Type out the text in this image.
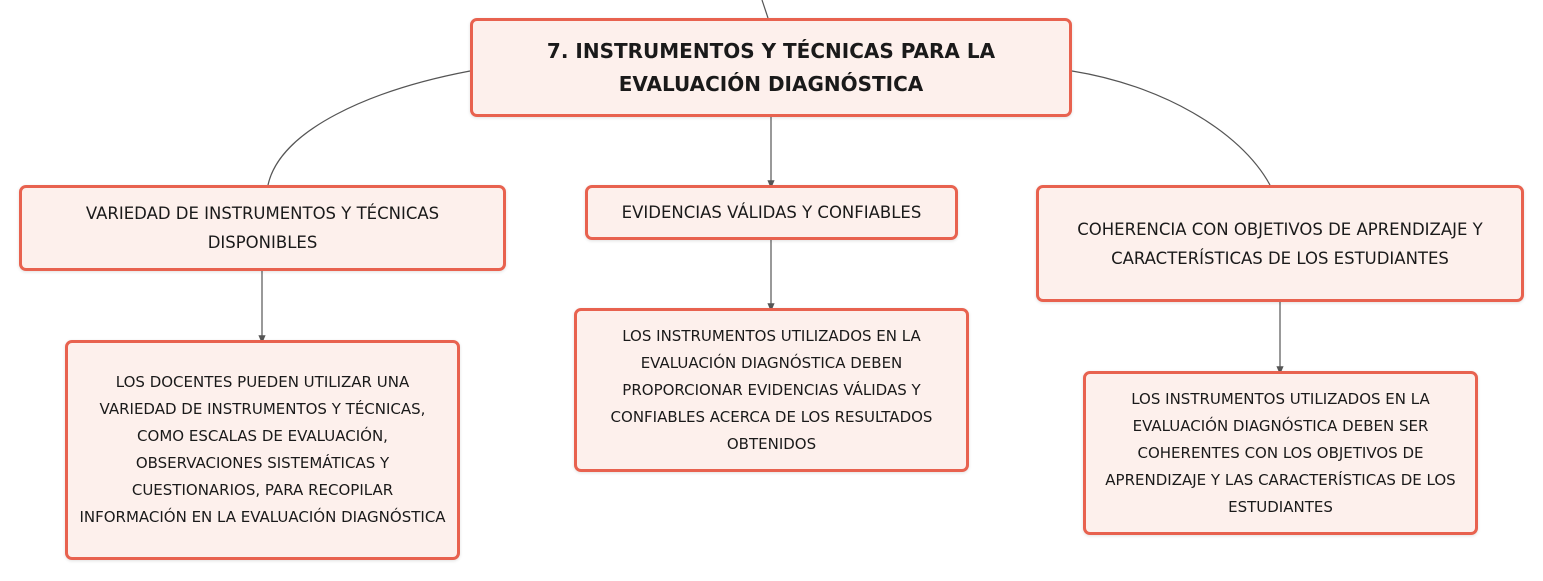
7. INSTRUMENTOS Y TÉCNICAS PARA LA EVALUACIÓN DIAGNÓSTICA
VARIEDAD DE INSTRUMENTOS Y TÉCNICAS DISPONIBLES
EVIDENCIAS VÁLIDAS Y CONFIABLES
COHERENCIA CON OBJETIVOS DE APRENDIZAJE Y CARACTERÍSTICAS DE LOS ESTUDIANTES
LOS DOCENTES PUEDEN UTILIZAR UNA VARIEDAD DE INSTRUMENTOS Y TÉCNICAS, COMO ESCALAS DE EVALUACIÓN, OBSERVACIONES SISTEMÁTICAS Y CUESTIONARIOS, PARA RECOPILAR INFORMACIÓN EN LA EVALUACIÓN DIAGNÓSTICA
LOS INSTRUMENTOS UTILIZADOS EN LA EVALUACIÓN DIAGNÓSTICA DEBEN PROPORCIONAR EVIDENCIAS VÁLIDAS Y CONFIABLES ACERCA DE LOS RESULTADOS OBTENIDOS
LOS INSTRUMENTOS UTILIZADOS EN LA EVALUACIÓN DIAGNÓSTICA DEBEN SER COHERENTES CON LOS OBJETIVOS DE APRENDIZAJE Y LAS CARACTERÍSTICAS DE LOS ESTUDIANTES
